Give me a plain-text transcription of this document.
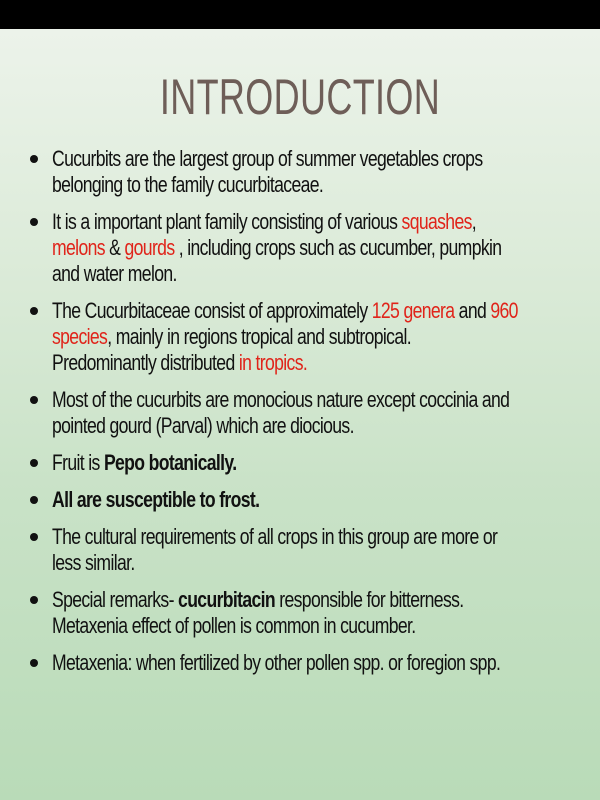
INTRODUCTION
Cucurbits are the largest group of summer vegetables crops
belonging to the family cucurbitaceae.
It is a important plant family consisting of various squashes,
melons & gourds , including crops such as cucumber, pumpkin
and water melon.
The Cucurbitaceae consist of approximately 125 genera and 960
species, mainly in regions tropical and subtropical.
Predominantly distributed in tropics.
Most of the cucurbits are monocious nature except coccinia and
pointed gourd (Parval) which are diocious.
Fruit is Pepo botanically.
All are susceptible to frost.
The cultural requirements of all crops in this group are more or
less similar.
Special remarks- cucurbitacin responsible for bitterness.
Metaxenia effect of pollen is common in cucumber.
Metaxenia: when fertilized by other pollen spp. or foregion spp.
